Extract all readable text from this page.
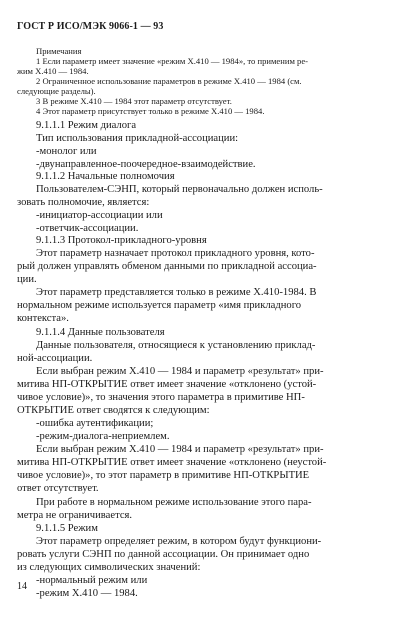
ГОСТ Р ИСО/МЭК 9066-1 — 93
Примечания
1 Если параметр имеет значение «режим Х.410 — 1984», то применим ре-
жим Х.410 — 1984.
2 Ограниченное использование параметров в режиме Х.410 — 1984 (см.
следующие разделы).
3 В режиме Х.410 — 1984 этот параметр отсутствует.
4 Этот параметр присутствует только в режиме Х.410 — 1984.
9.1.1.1 Режим диалога
Тип использования прикладной-ассоциации:
-монолог или
-двунаправленное-поочередное-взаимодействие.
9.1.1.2 Начальные полномочия
Пользователем-СЭНП, который первоначально должен исполь-
зовать полномочие, является:
-инициатор-ассоциации или
-ответчик-ассоциации.
9.1.1.3 Протокол-прикладного-уровня
Этот параметр назначает протокол прикладного уровня, кото-
рый должен управлять обменом данными по прикладной ассоциа-
ции.
Этот параметр представляется только в режиме Х.410-1984. В
нормальном режиме используется параметр «имя прикладного
контекста».
9.1.1.4 Данные пользователя
Данные пользователя, относящиеся к установлению приклад-
ной-ассоциации.
Если выбран режим Х.410 — 1984 и параметр «результат» при-
митива НП-ОТКРЫТИЕ ответ имеет значение «отклонено (устой-
чивое условие)», то значения этого параметра в примитиве НП-
ОТКРЫТИЕ ответ сводятся к следующим:
-ошибка аутентификации;
-режим-диалога-неприемлем.
Если выбран режим Х.410 — 1984 и параметр «результат» при-
митива НП-ОТКРЫТИЕ ответ имеет значение «отклонено (неустой-
чивое условие)», то этот параметр в примитиве НП-ОТКРЫТИЕ
ответ отсутствует.
При работе в нормальном режиме использование этого пара-
метра не ограничивается.
9.1.1.5 Режим
Этот параметр определяет режим, в котором будут функциони-
ровать услуги СЭНП по данной ассоциации. Он принимает одно
из следующих символических значений:
-нормальный режим или
-режим Х.410 — 1984.
14
